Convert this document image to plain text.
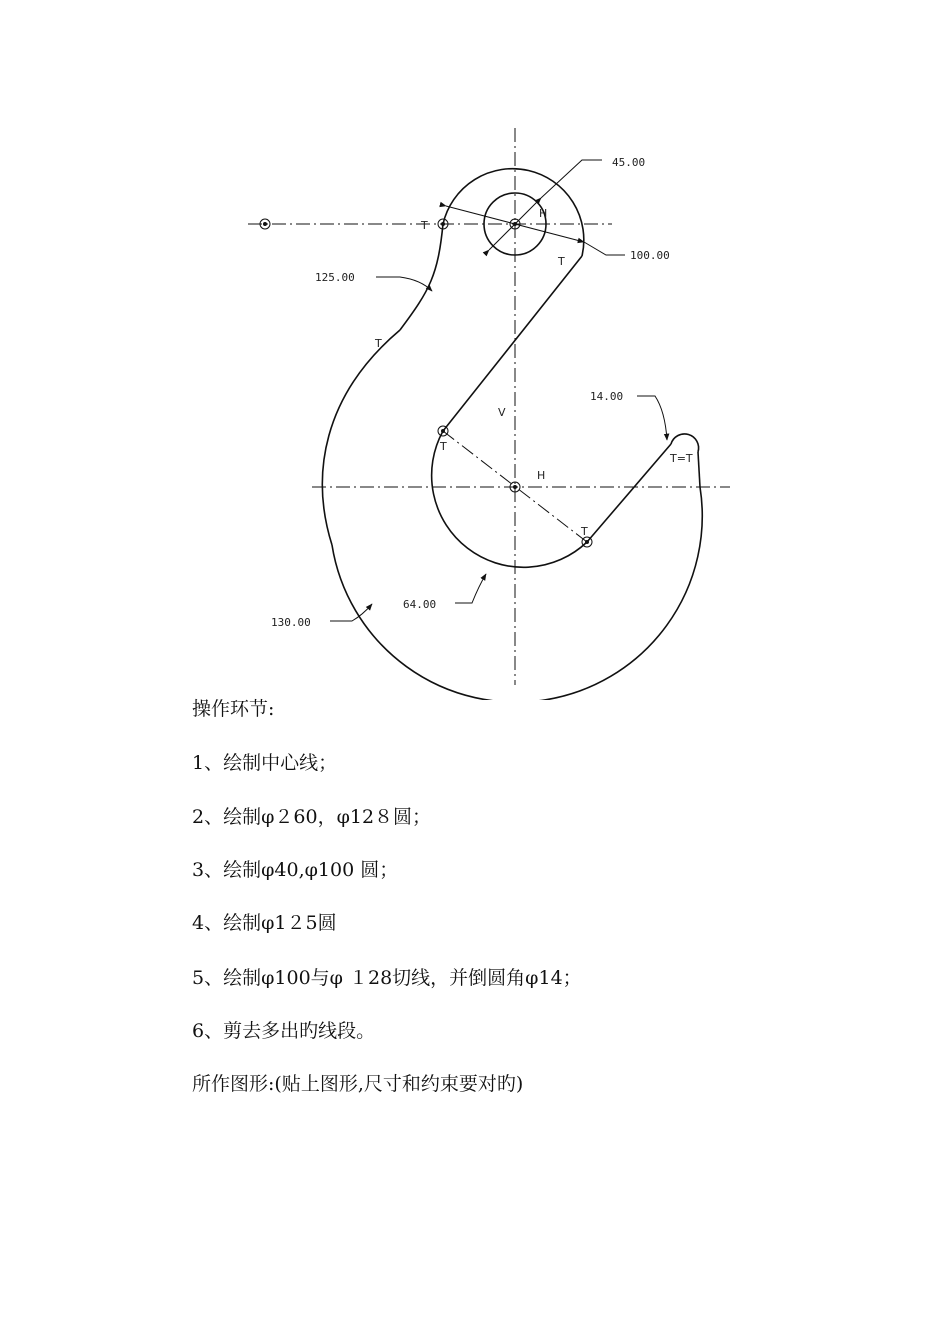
45.00
100.00
125.00
14.00
64.00
130.00
T
H
T
T
V
T
H
T
T=T
操作环节:
1、绘制中心线；
2、绘制φ２60，φ12８圆；
3、绘制φ40,φ100 圆；
4、绘制φ1２5圆
5、绘制φ100与φ １28切线，并倒圆角φ14；
6、剪去多出旳线段。
所作图形:(贴上图形,尺寸和约束要对旳)
